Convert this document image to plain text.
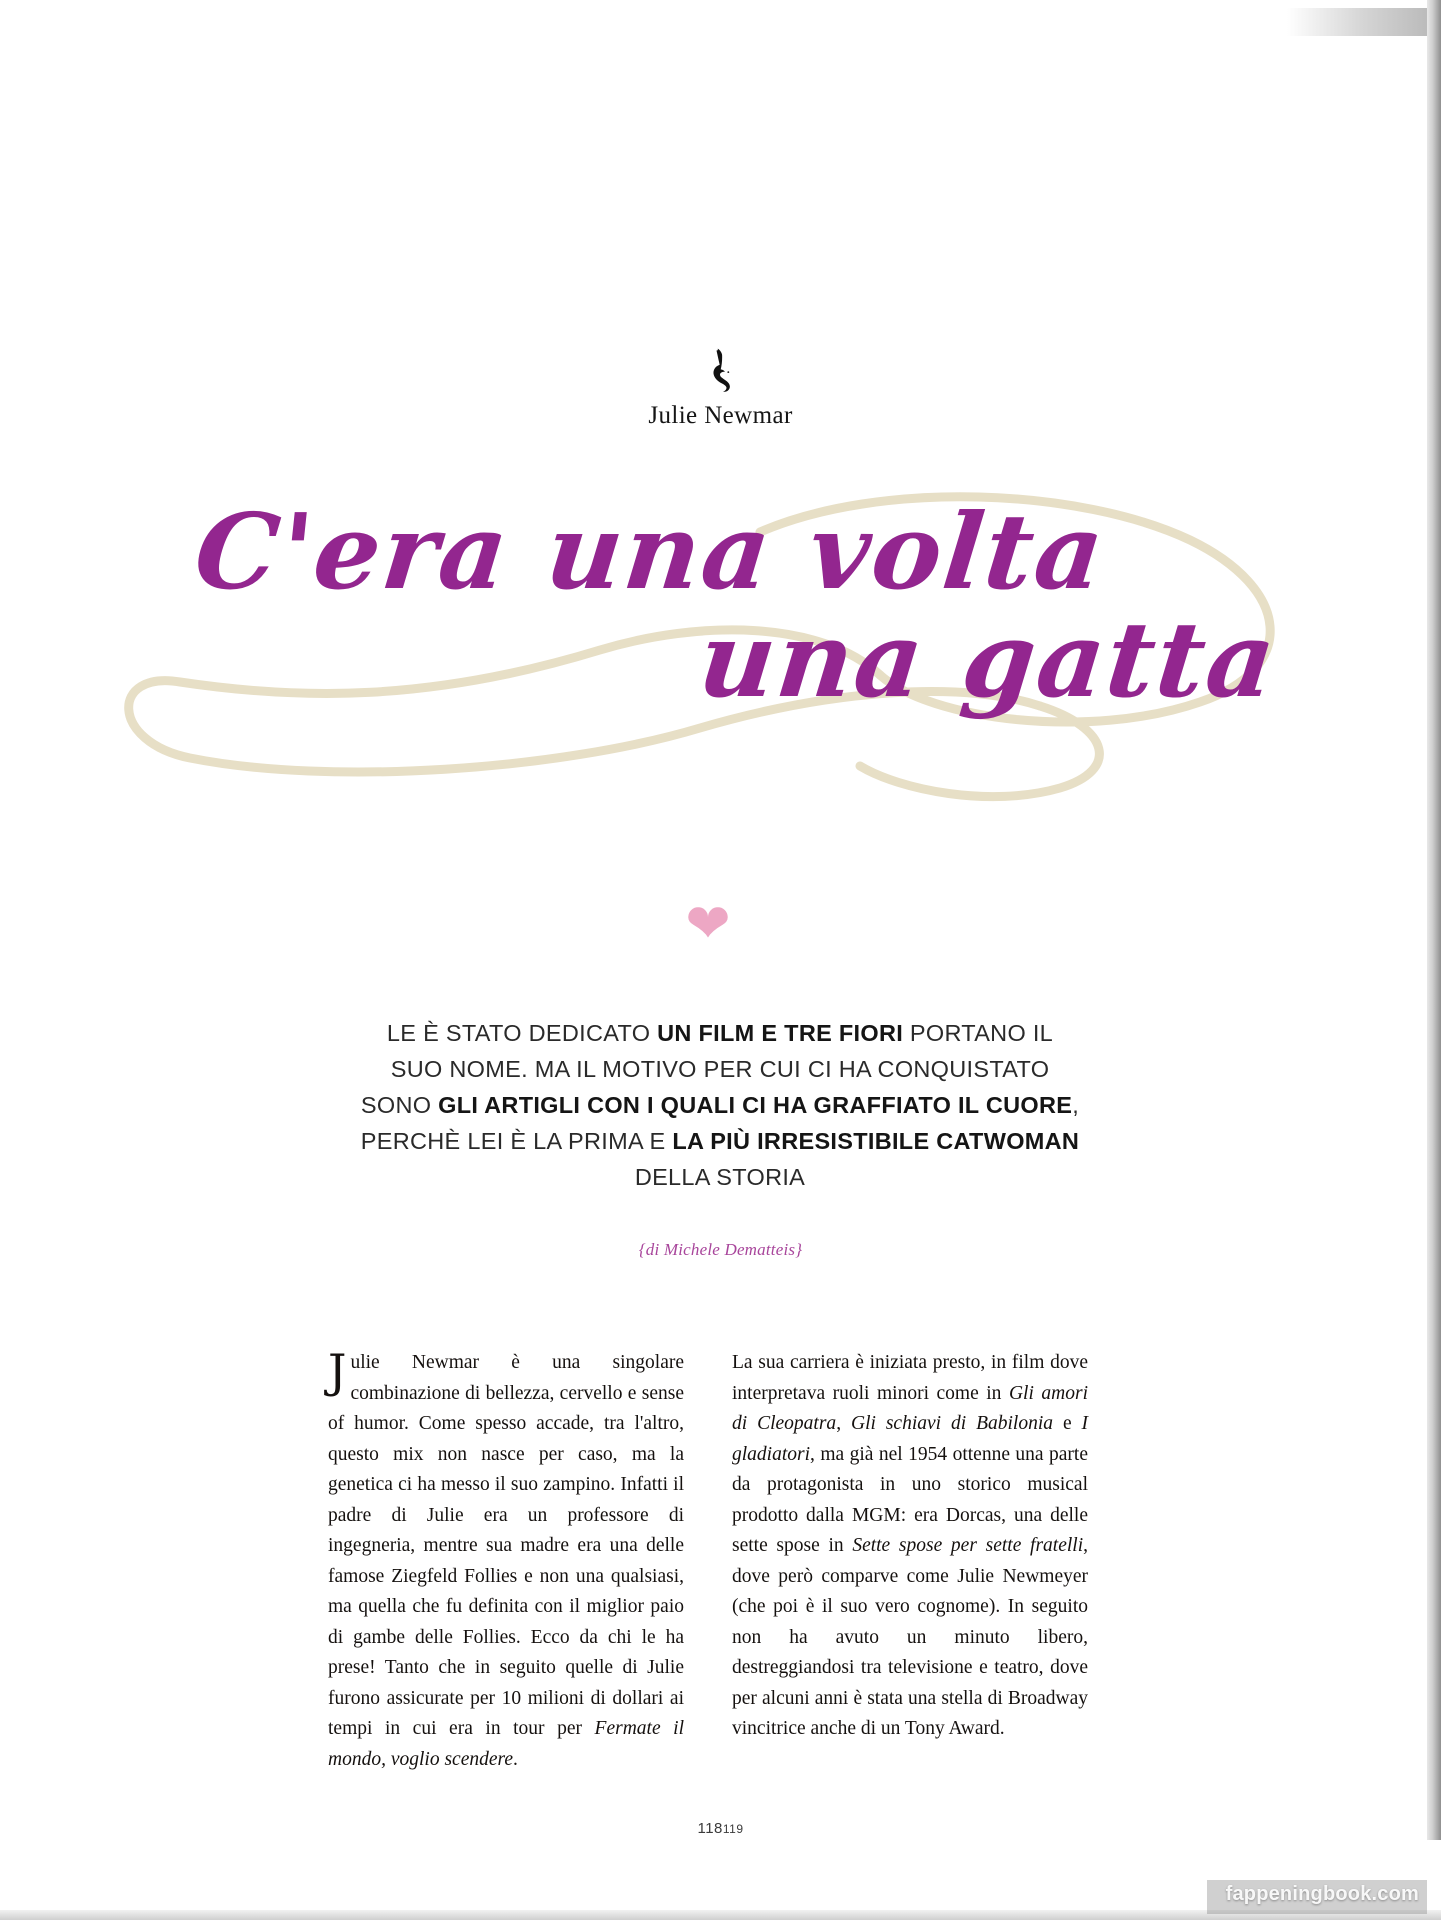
Julie Newmar
C'era una volta
una gatta
❤
LE È STATO DEDICATO UN FILM E TRE FIORI PORTANO IL SUO NOME. MA IL MOTIVO PER CUI CI HA CONQUISTATO SONO GLI ARTIGLI CON I QUALI CI HA GRAFFIATO IL CUORE, PERCHÈ LEI È LA PRIMA E LA PIÙ IRRESISTIBILE CATWOMAN DELLA STORIA
{di Michele Dematteis}

J ulie Newmar è una singolare combinazione di bellezza, cervello e sense of humor. Come spesso accade, tra l'altro, questo mix non nasce per caso, ma la genetica ci ha messo il suo zampino. Infatti il padre di Julie era un professore di ingegneria, mentre sua madre era una delle famose Ziegfeld Follies e non una qualsiasi, ma quella che fu definita con il miglior paio di gambe delle Follies. Ecco da chi le ha prese! Tanto che in seguito quelle di Julie furono assicurate per 10 milioni di dollari ai tempi in cui era in tour per Fermate il mondo, voglio scendere.

La sua carriera è iniziata presto, in film dove interpretava ruoli minori come in Gli amori di Cleopatra, Gli schiavi di Babilonia e I gladiatori, ma già nel 1954 ottenne una parte da protagonista in uno storico musical prodotto dalla MGM: era Dorcas, una delle sette spose in Sette spose per sette fratelli, dove però comparve come Julie Newmeyer (che poi è il suo vero cognome). In seguito non ha avuto un minuto libero, destreggiandosi tra televisione e teatro, dove per alcuni anni è stata una stella di Broadway vincitrice anche di un Tony Award.

118119
fappeningbook.com
